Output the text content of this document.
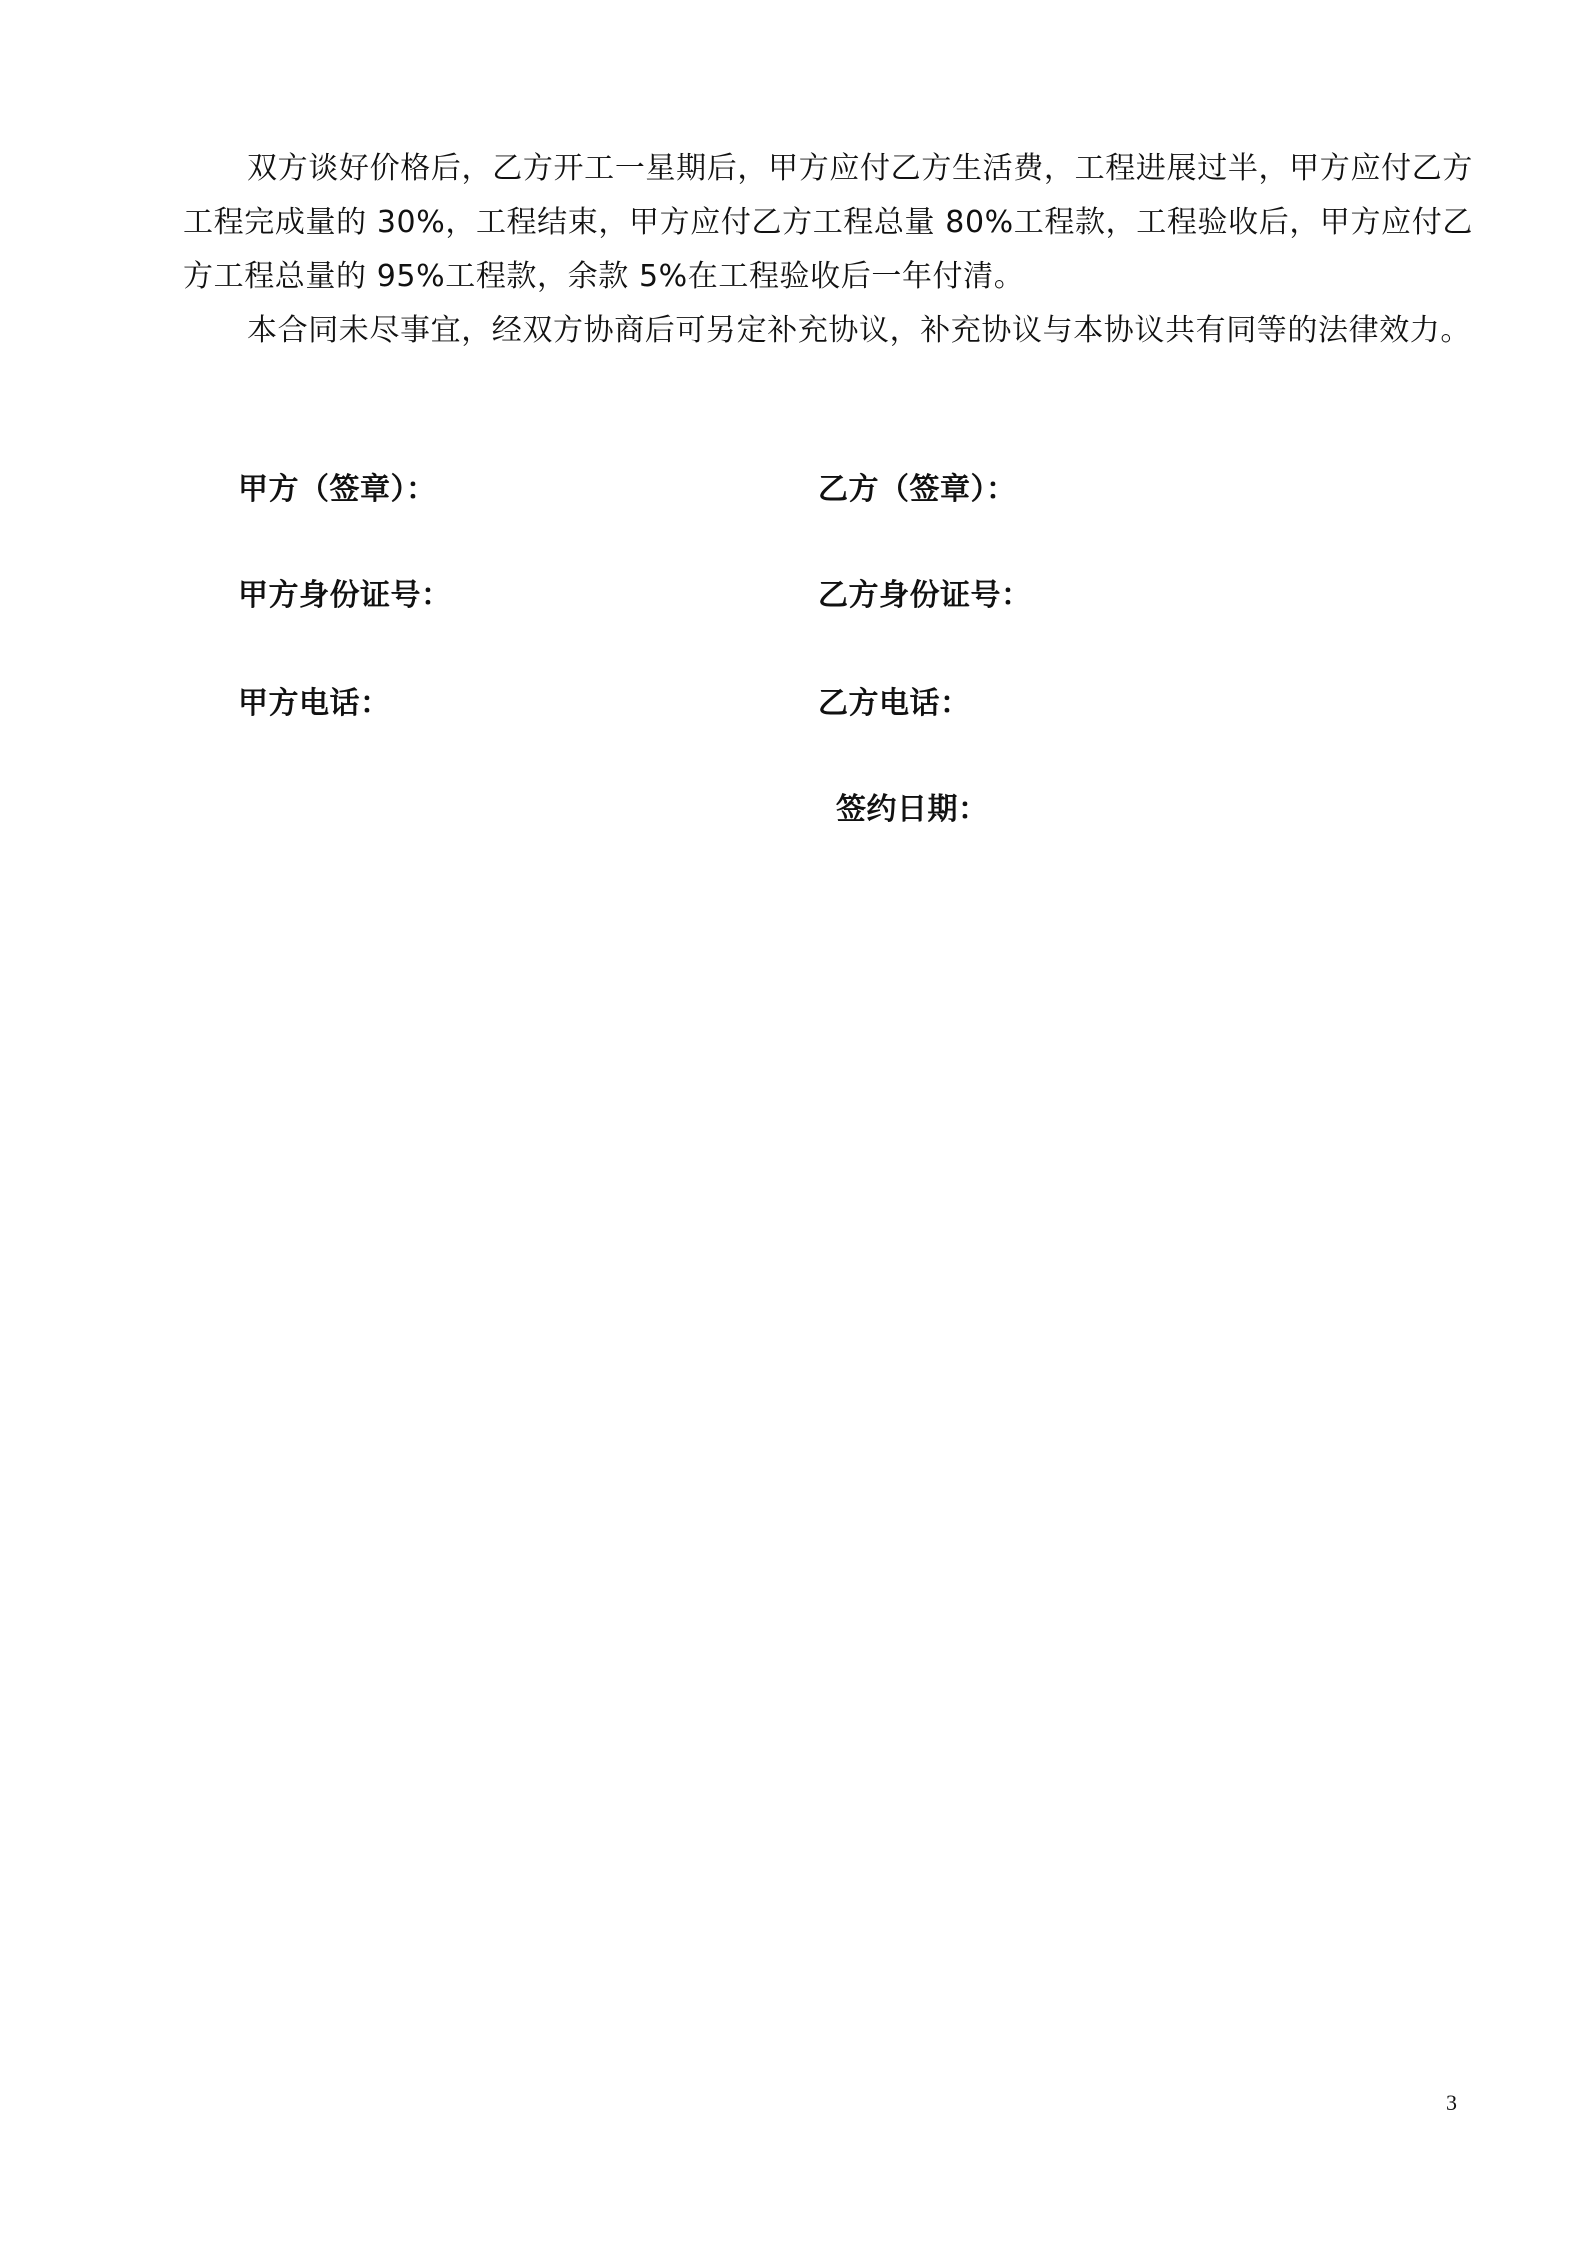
双方谈好价格后，乙方开工一星期后，甲方应付乙方生活费，工程进展过半，甲方应付乙方工程完成量的 30%，工程结束，甲方应付乙方工程总量 80%工程款，工程验收后，甲方应付乙方工程总量的 95%工程款，余款 5%在工程验收后一年付清。

本合同未尽事宜，经双方协商后可另定补充协议，补充协议与本协议共有同等的法律效力。

甲方（签章）：	乙方（签章）：
甲方身份证号：	乙方身份证号：
甲方电话：	乙方电话：
签约日期：
3
